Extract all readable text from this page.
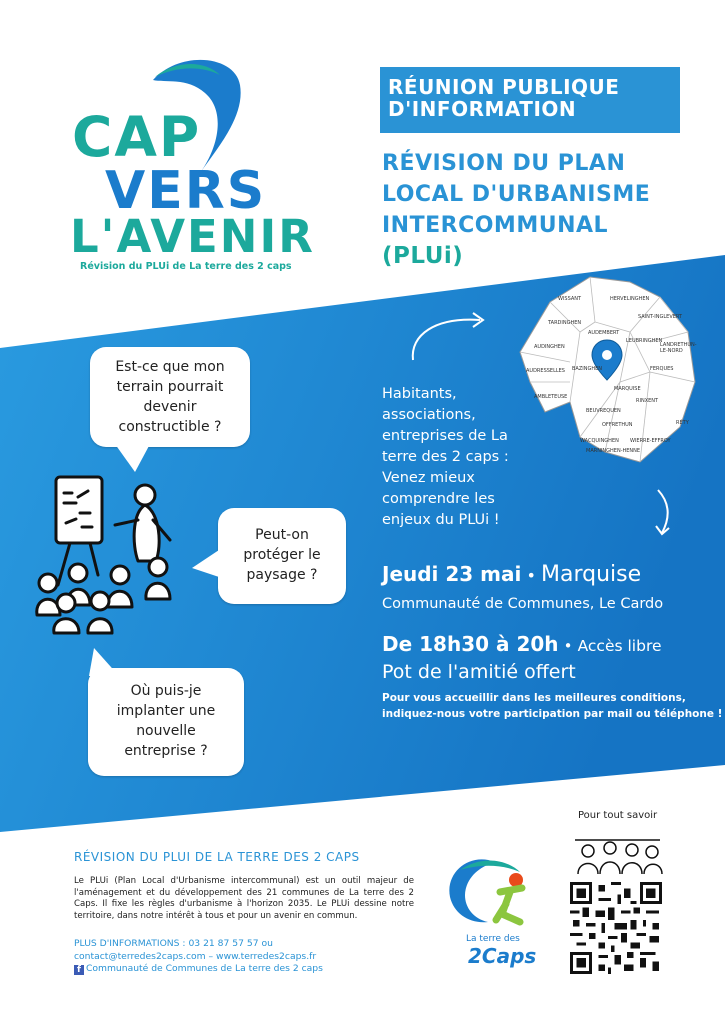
CAP
VERS
L'AVENIR
Révision du PLUi de La terre des 2 caps
RÉUNION PUBLIQUE
D'INFORMATION
RÉVISION DU PLAN
LOCAL D'URBANISME
INTERCOMMUNAL
(PLUi)
WISSANT	HERVELINGHEN
SAINT-INGLEVERT
TARDINGHEN
AUDEMBERT
LEUBRINGHEN
LANDRETHUN-LE-NORD
AUDINGHEN
FERQUES
BAZINGHEN
MARQUISE
AUDRESSELLES
AMBLETEUSE
RINXENT
BEUVREQUEN
OFFRETHUN	RÉTY
WACQUINGHEN
MARNINGHEN-HENNE
WIERRE-EFFROY
Est-ce que mon
terrain pourrait
devenir
constructible ?
Peut-on
protéger le
paysage ?
Où puis-je
implanter une
nouvelle
entreprise ?
Habitants,
associations,
entreprises de La
terre des 2 caps :
Venez mieux
comprendre les
enjeux du PLUi !
Jeudi 23 mai • Marquise
Communauté de Communes, Le Cardo
De 18h30 à 20h • Accès libre
Pot de l'amitié offert
Pour vous accueillir dans les meilleures conditions,
indiquez-nous votre participation par mail ou téléphone !
RÉVISION DU PLUI DE LA TERRE DES 2 CAPS
Le PLUi (Plan Local d'Urbanisme intercommunal) est un outil majeur de l'aménagement et du développement des 21 communes de La terre des 2 Caps. Il fixe les règles d'urbanisme à l'horizon 2035. Le PLUi dessine notre territoire, dans notre intérêt à tous et pour un avenir en commun.
PLUS D'INFORMATIONS : 03 21 87 57 57 ou
contact@terredes2caps.com – www.terredes2caps.fr
f Communauté de Communes de La terre des 2 caps
La terre des
2Caps
Pour tout savoir
